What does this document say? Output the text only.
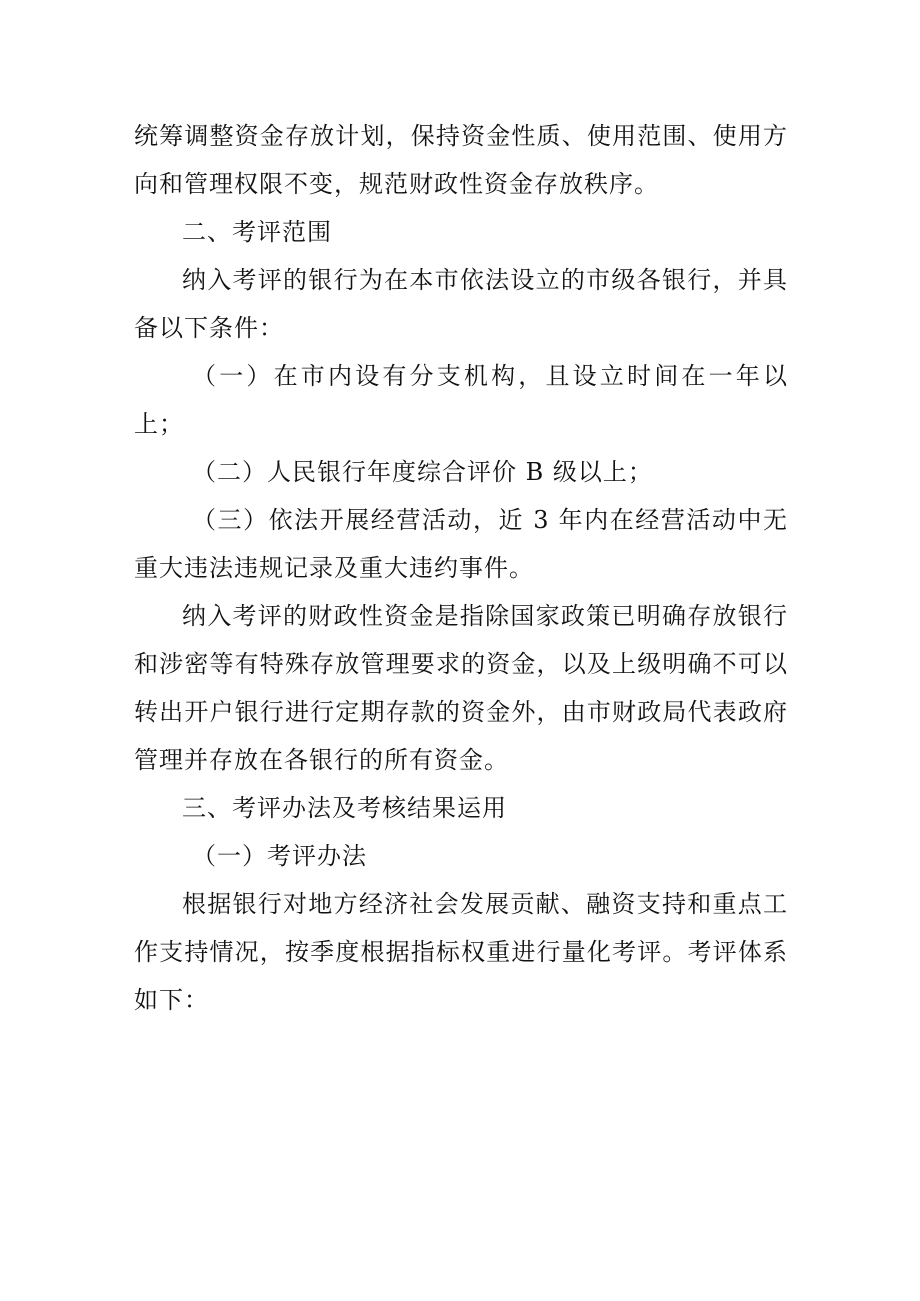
统筹调整资金存放计划，保持资金性质、使用范围、使用方向和管理权限不变，规范财政性资金存放秩序。

二、考评范围

纳入考评的银行为在本市依法设立的市级各银行，并具备以下条件：

（一）在市内设有分支机构，且设立时间在一年以上；

（二）人民银行年度综合评价 B 级以上；

（三）依法开展经营活动，近 3 年内在经营活动中无重大违法违规记录及重大违约事件。

纳入考评的财政性资金是指除国家政策已明确存放银行和涉密等有特殊存放管理要求的资金，以及上级明确不可以转出开户银行进行定期存款的资金外，由市财政局代表政府管理并存放在各银行的所有资金。

三、考评办法及考核结果运用

（一）考评办法

根据银行对地方经济社会发展贡献、融资支持和重点工作支持情况，按季度根据指标权重进行量化考评。考评体系如下：
